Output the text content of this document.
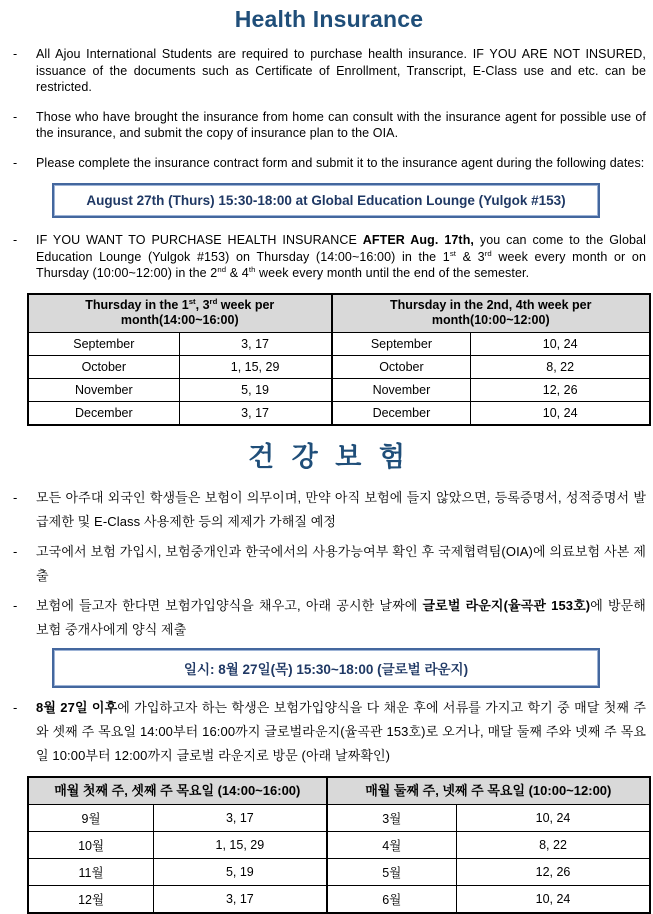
Health Insurance
-	All Ajou International Students are required to purchase health insurance. IF YOU ARE NOT INSURED, issuance of the documents such as Certificate of Enrollment, Transcript, E-Class use and etc. can be restricted.

-	Those who have brought the insurance from home can consult with the insurance agent for possible use of the insurance, and submit the copy of insurance plan to the OIA.

-	Please complete the insurance contract form and submit it to the insurance agent during the following dates:

August 27th (Thurs) 15:30-18:00 at Global Education Lounge (Yulgok #153)
-	IF YOU WANT TO PURCHASE HEALTH INSURANCE AFTER Aug. 17th, you can come to the Global Education Lounge (Yulgok #153) on Thursday (14:00~16:00) in the 1st & 3rd week every month or on Thursday (10:00~12:00) in the 2nd & 4th week every month until the end of the semester.

Thursday in the 1st, 3rd week per month(14:00~16:00)		Thursday in the 2nd, 4th week per month(10:00~12:00)	
September	3, 17	September	10, 24
October	1, 15, 29	October	8, 22
November	5, 19	November	12, 26
December	3, 17	December	10, 24
건 강 보 험
-	모든 아주대 외국인 학생들은 보험이 의무이며, 만약 아직 보험에 들지 않았으면, 등록증명서, 성적증명서 발급제한 및 E-Class 사용제한 등의 제제가 가해질 예정

-	고국에서 보험 가입시, 보험중개인과 한국에서의 사용가능여부 확인 후 국제협력팀(OIA)에 의료보험 사본 제출

-	보험에 들고자 한다면 보험가입양식을 채우고, 아래 공시한 날짜에 글로벌 라운지(율곡관 153호)에 방문해 보험 중개사에게 양식 제출

일시: 8월 27일(목) 15:30~18:00 (글로벌 라운지)
-	8월 27일 이후에 가입하고자 하는 학생은 보험가입양식을 다 채운 후에 서류를 가지고 학기 중 매달 첫째 주와 셋째 주 목요일 14:00부터 16:00까지 글로벌라운지(율곡관 153호)로 오거나, 매달 둘째 주와 넷째 주 목요일 10:00부터 12:00까지 글로벌 라운지로 방문 (아래 날짜확인)

매월 첫째 주, 셋째 주 목요일 (14:00~16:00)		매월 둘째 주, 넷째 주 목요일 (10:00~12:00)	
9월	3, 17	3월	10, 24
10월	1, 15, 29	4월	8, 22
11월	5, 19	5월	12, 26
12월	3, 17	6월	10, 24
